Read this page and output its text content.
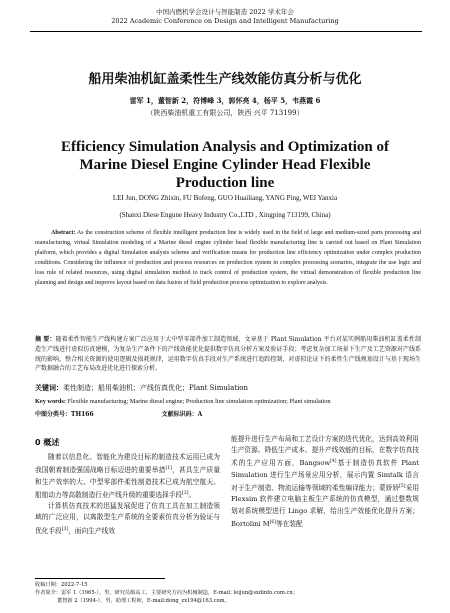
中国内燃机学会设计与智能制造 2022 学术年会
2022 Academic Conference on Design and Intelligent Manufacturing
船用柴油机缸盖柔性生产线效能仿真分析与优化
雷军 1，董智新 2，符博峰 3，郭怀亮 4，杨平 5，韦燕霞 6
（陕西柴油机重工有限公司，陕西 兴平 713199）
Efficiency Simulation Analysis and Optimization of Marine Diesel Engine Cylinder Head Flexible Production line
LEI Jun, DONG Zhixin, FU Bofeng, GUO Huailiang, YANG Ping, WEI Yanxia
(Shanxi Diese Engune Heavy Industry Co.,LTD , Xingping 713199, China)
Abstract: As the construction scheme of flexible intelligent production line is widely used in the field of large and medium-sized parts processing and manufacturing, virtual Simulation modeling of a Marine diesel engine cylinder head flexible manufacturing line is carried out based on Plant Simulation platform, which provides a digital Simulation analysis scheme and verification means for production line efficiency optimization under complex production conditions. Considering the influence of production and process resources on production system in complex processing scenarios, integrate the use logic and loss rule of related resources, using digital simulation method to track control of production system, the virtual demonstration of flexible production line planning and design and improve layout based on data fusion of field production process optimization to explore analysis.
摘 要：随着柔性智能生产线构建方案广泛应用于大中型零部件加工制造领域，文章基于 Plant Simulation 平台对某实例船用柴油机缸盖柔性制造生产线进行虚拟仿真建模，为复杂生产条件下的产线效能优化提供数字仿真分析方案及验证手段；考虑复杂加工场景下生产及工艺资源对产线系统的影响，整合相关资源的使用逻辑及损耗规律，运用数字仿真手段对生产系统进行追踪控制，对虚拟论证下的柔性生产线规划设计与基于现场生产数据融合的工艺布局改进优化进行探索分析。
关键词：柔性制造；船用柴油机；产线仿真优化；Plant Simulation
Key words: Flexible manufacturing; Marine diesel engine; Production line simulation optimization; Plant simulation
中图分类号：TH166	文献标识码：A
0 概述

随着以信息化、智能化为建设目标的制造技术运用已成为我国朝着制造强国战略目标迈进的重要举措[1]，甚具生产质量和生产效率的大、中型零部件柔性制造技术已成为航空航天、船舶动力等高散制造行业产线升级的重要选择手段[2]。

计算机仿真技术的迅猛发展促进了仿真工具在加工制造领域的广泛应用，以离散型生产系统的全要素仿真分析为验证与优化手段[3]，面向生产线效

能提升进行生产布局和工艺设计方案的迭代优化，达到高效利用生产资源、降低生产成本、提升产线效能的目标，在数字仿真技术的生产应用方面，Bangsow[4]基于制造仿真软件 Plant Simulation 进行生产场景应用分析，展示内置 Simtalk 语言对于生产制造、物流运输等领域的柔性编译能力；蒙娇娇[5]采用 Flexsim 软件建立电脑主板生产系统的仿真模型，通过整数规划对系统模型进行 Lingo 求解，给出生产效能优化提升方案；Bortolini M[6]等在装配

收稿日期：2022-7-15
作者简介：雷军 1（1965-），男，研究员级高工，主要研究方向为机械制造，E-mail: leijun@sxdinfo.com.cn；
董智新 2（1994-），男，助理工程师，E-mail:dong_zx194@163.com。
